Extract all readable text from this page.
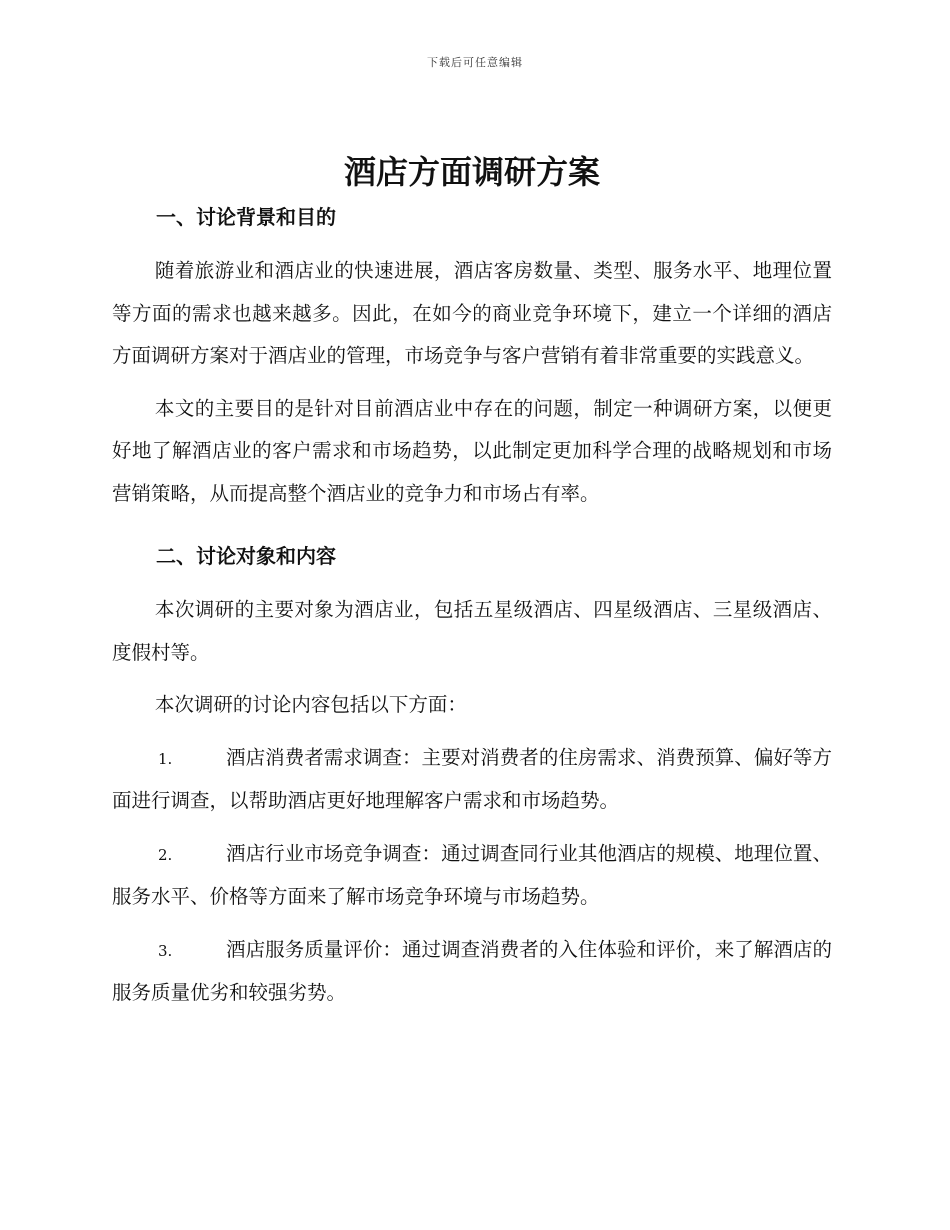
下载后可任意编辑
酒店方面调研方案
一、讨论背景和目的

随着旅游业和酒店业的快速进展，酒店客房数量、类型、服务水平、地理位置等方面的需求也越来越多。因此，在如今的商业竞争环境下，建立一个详细的酒店方面调研方案对于酒店业的管理，市场竞争与客户营销有着非常重要的实践意义。

本文的主要目的是针对目前酒店业中存在的问题，制定一种调研方案，以便更好地了解酒店业的客户需求和市场趋势，以此制定更加科学合理的战略规划和市场营销策略，从而提高整个酒店业的竞争力和市场占有率。

二、讨论对象和内容

本次调研的主要对象为酒店业，包括五星级酒店、四星级酒店、三星级酒店、度假村等。

本次调研的讨论内容包括以下方面：

1.	酒店消费者需求调查：主要对消费者的住房需求、消费预算、偏好等方面进行调查，以帮助酒店更好地理解客户需求和市场趋势。

2.	酒店行业市场竞争调查：通过调查同行业其他酒店的规模、地理位置、服务水平、价格等方面来了解市场竞争环境与市场趋势。

3.	酒店服务质量评价：通过调查消费者的入住体验和评价，来了解酒店的服务质量优劣和较强劣势。
